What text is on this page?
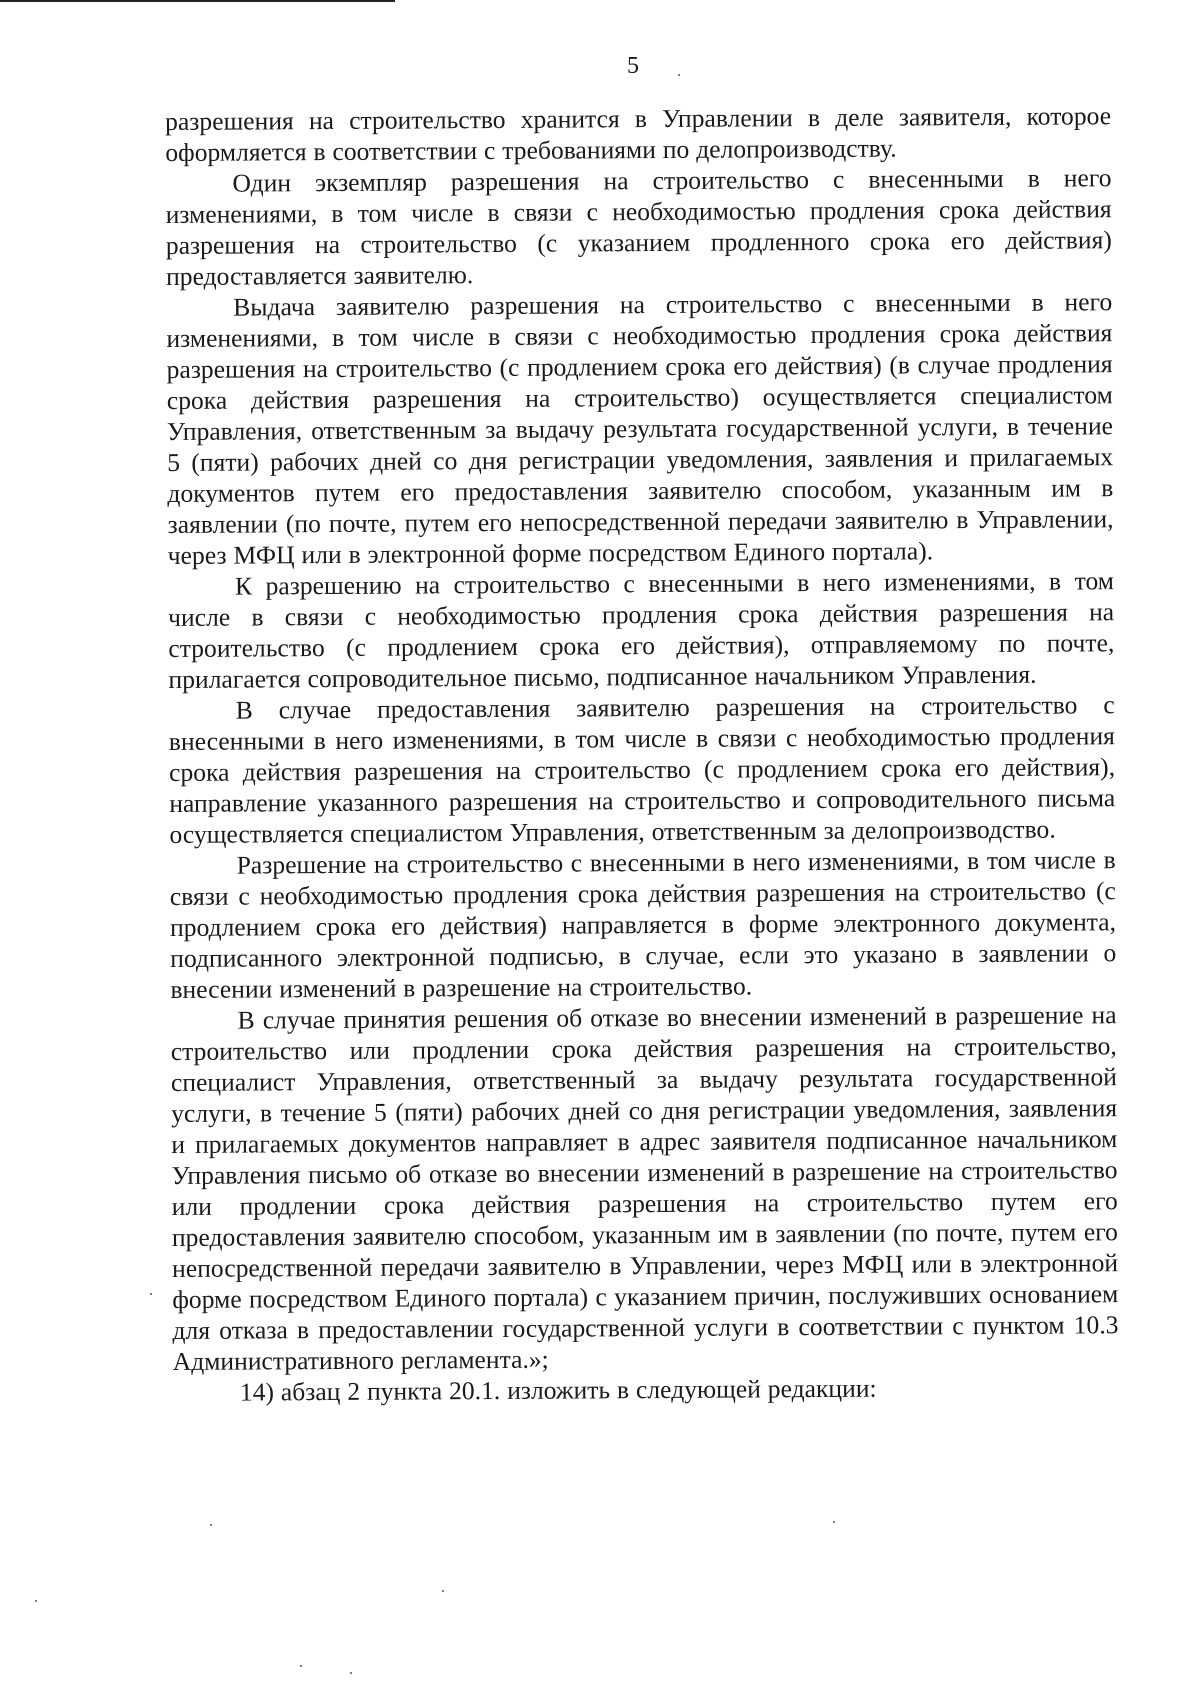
5

разрешения на строительство хранится в Управлении в деле заявителя, которое оформляется в соответствии с требованиями по делопроизводству.

Один экземпляр разрешения на строительство с внесенными в него изменениями, в том числе в связи с необходимостью продления срока действия разрешения на строительство (с указанием продленного срока его действия) предоставляется заявителю.

Выдача заявителю разрешения на строительство с внесенными в него изменениями, в том числе в связи с необходимостью продления срока действия разрешения на строительство (с продлением срока его действия) (в случае продления срока действия разрешения на строительство) осуществляется специалистом Управления, ответственным за выдачу результата государственной услуги, в течение 5 (пяти) рабочих дней со дня регистрации уведомления, заявления и прилагаемых документов путем его предоставления заявителю способом, указанным им в заявлении (по почте, путем его непосредственной передачи заявителю в Управлении, через МФЦ или в электронной форме посредством Единого портала).

К разрешению на строительство с внесенными в него изменениями, в том числе в связи с необходимостью продления срока действия разрешения на строительство (с продлением срока его действия), отправляемому по почте, прилагается сопроводительное письмо, подписанное начальником Управления.

В случае предоставления заявителю разрешения на строительство с внесенными в него изменениями, в том числе в связи с необходимостью продления срока действия разрешения на строительство (с продлением срока его действия), направление указанного разрешения на строительство и сопроводительного письма осуществляется специалистом Управления, ответственным за делопроизводство.

Разрешение на строительство с внесенными в него изменениями, в том числе в связи с необходимостью продления срока действия разрешения на строительство (с продлением срока его действия) направляется в форме электронного документа, подписанного электронной подписью, в случае, если это указано в заявлении о внесении изменений в разрешение на строительство.

В случае принятия решения об отказе во внесении изменений в разрешение на строительство или продлении срока действия разрешения на строительство, специалист Управления, ответственный за выдачу результата государственной услуги, в течение 5 (пяти) рабочих дней со дня регистрации уведомления, заявления и прилагаемых документов направляет в адрес заявителя подписанное начальником Управления письмо об отказе во внесении изменений в разрешение на строительство или продлении срока действия разрешения на строительство путем его предоставления заявителю способом, указанным им в заявлении (по почте, путем его непосредственной передачи заявителю в Управлении, через МФЦ или в электронной форме посредством Единого портала) с указанием причин, послуживших основанием для отказа в предоставлении государственной услуги в соответствии с пунктом 10.3 Административного регламента.»;

14) абзац 2 пункта 20.1. изложить в следующей редакции:
